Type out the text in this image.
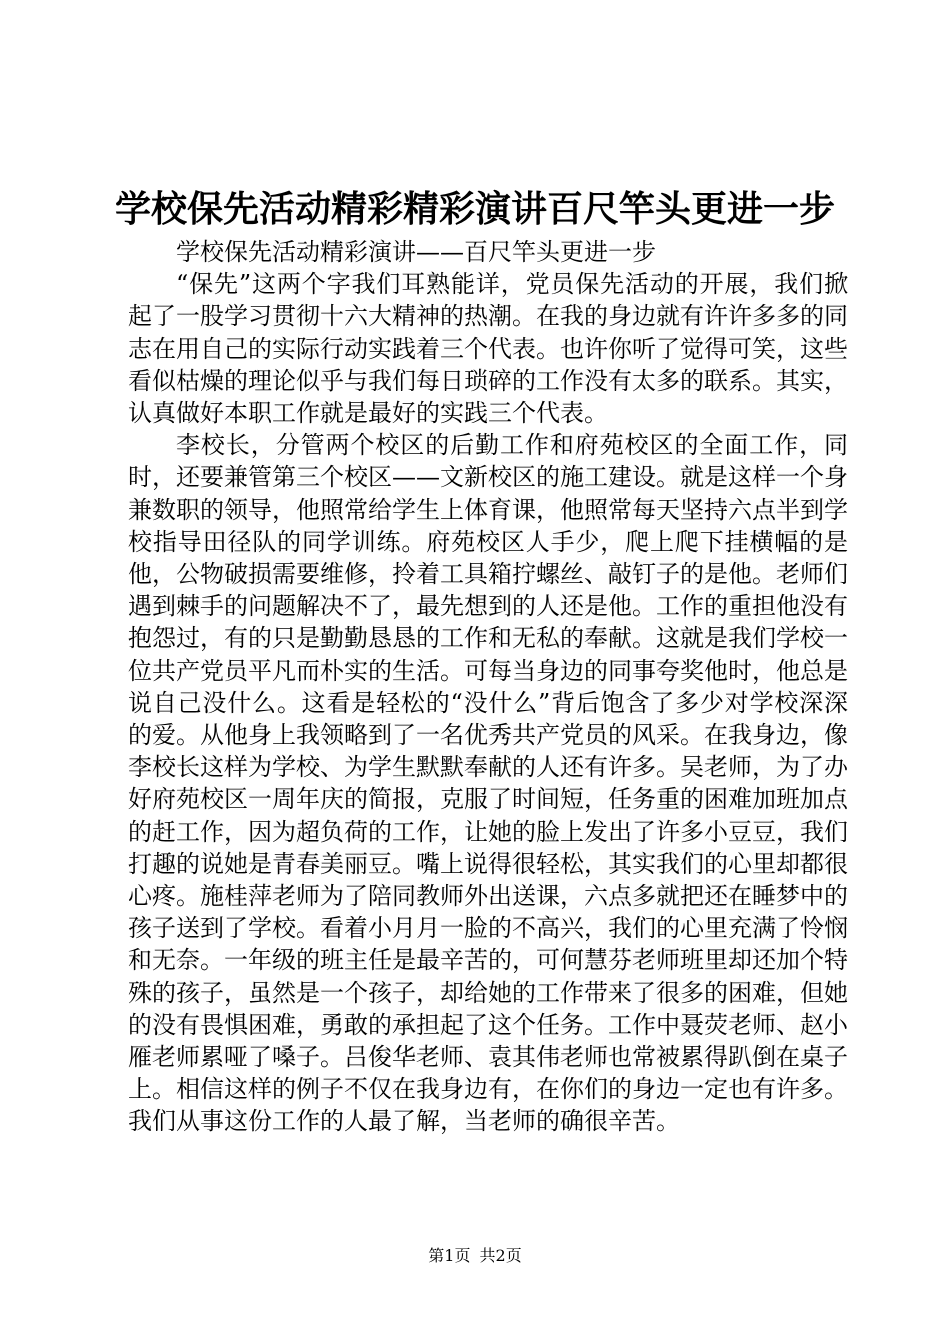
学校保先活动精彩精彩演讲百尺竿头更进一步

学校保先活动精彩演讲——百尺竿头更进一步

“保先”这两个字我们耳熟能详，党员保先活动的开展，我们掀起了一股学习贯彻十六大精神的热潮。在我的身边就有许许多多的同志在用自己的实际行动实践着三个代表。也许你听了觉得可笑，这些看似枯燥的理论似乎与我们每日琐碎的工作没有太多的联系。其实，认真做好本职工作就是最好的实践三个代表。

李校长，分管两个校区的后勤工作和府苑校区的全面工作，同时，还要兼管第三个校区——文新校区的施工建设。就是这样一个身兼数职的领导，他照常给学生上体育课，他照常每天坚持六点半到学校指导田径队的同学训练。府苑校区人手少，爬上爬下挂横幅的是他，公物破损需要维修，拎着工具箱拧螺丝、敲钉子的是他。老师们遇到棘手的问题解决不了，最先想到的人还是他。工作的重担他没有抱怨过，有的只是勤勤恳恳的工作和无私的奉献。这就是我们学校一位共产党员平凡而朴实的生活。可每当身边的同事夸奖他时，他总是说自己没什么。这看是轻松的“没什么”背后饱含了多少对学校深深的爱。从他身上我领略到了一名优秀共产党员的风采。在我身边，像李校长这样为学校、为学生默默奉献的人还有许多。吴老师，为了办好府苑校区一周年庆的简报，克服了时间短，任务重的困难加班加点的赶工作，因为超负荷的工作，让她的脸上发出了许多小豆豆，我们打趣的说她是青春美丽豆。嘴上说得很轻松，其实我们的心里却都很心疼。施桂萍老师为了陪同教师外出送课，六点多就把还在睡梦中的孩子送到了学校。看着小月月一脸的不高兴，我们的心里充满了怜悯和无奈。一年级的班主任是最辛苦的，可何慧芬老师班里却还加个特殊的孩子，虽然是一个孩子，却给她的工作带来了很多的困难，但她的没有畏惧困难，勇敢的承担起了这个任务。工作中聂荧老师、赵小雁老师累哑了嗓子。吕俊华老师、袁其伟老师也常被累得趴倒在桌子上。相信这样的例子不仅在我身边有，在你们的身边一定也有许多。我们从事这份工作的人最了解，当老师的确很辛苦。

第1页 共2页
